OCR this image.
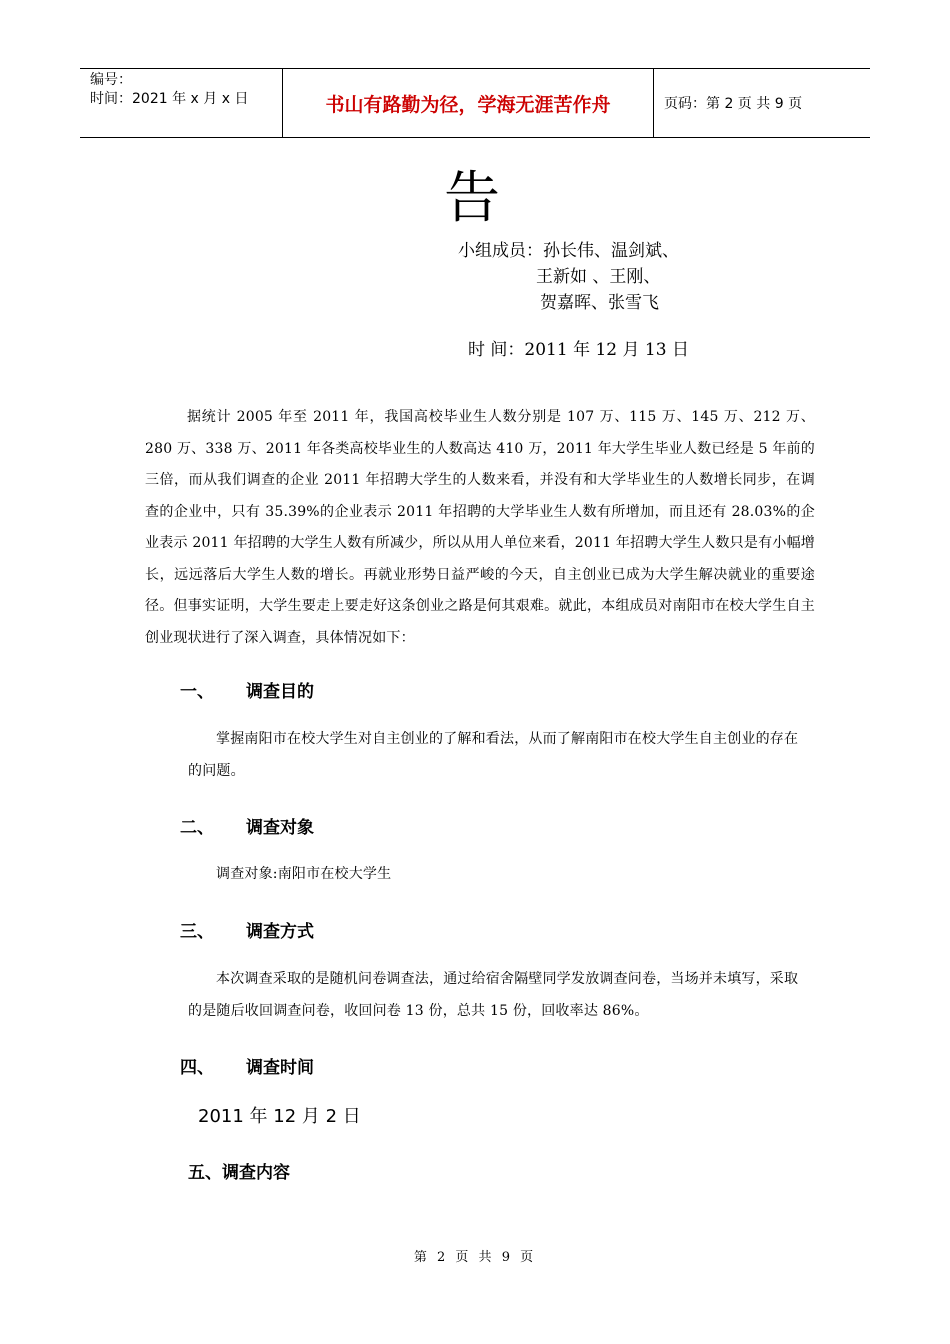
编号：
时间：2021 年 x 月 x 日	书山有路勤为径，学海无涯苦作舟	页码：第 2 页 共 9 页
告
小组成员：孙长伟、温剑斌、
王新如 、王刚、
贺嘉晖、张雪飞
时 间：2011 年 12 月 13 日
据统计 2005 年至 2011 年，我国高校毕业生人数分别是 107 万、115 万、145 万、212 万、280 万、338 万、2011 年各类高校毕业生的人数高达 410 万，2011 年大学生毕业人数已经是 5 年前的三倍，而从我们调查的企业 2011 年招聘大学生的人数来看，并没有和大学毕业生的人数增长同步，在调查的企业中，只有 35.39%的企业表示 2011 年招聘的大学毕业生人数有所增加，而且还有 28.03%的企业表示 2011 年招聘的大学生人数有所减少，所以从用人单位来看，2011 年招聘大学生人数只是有小幅增长，远远落后大学生人数的增长。再就业形势日益严峻的今天，自主创业已成为大学生解决就业的重要途径。但事实证明，大学生要走上要走好这条创业之路是何其艰难。就此，本组成员对南阳市在校大学生自主创业现状进行了深入调查，具体情况如下：
一、 调查目的
掌握南阳市在校大学生对自主创业的了解和看法，从而了解南阳市在校大学生自主创业的存在的问题。
二、 调查对象
调查对象:南阳市在校大学生
三、 调查方式
本次调查采取的是随机问卷调查法，通过给宿舍隔壁同学发放调查问卷，当场并未填写，采取的是随后收回调查问卷，收回问卷 13 份，总共 15 份，回收率达 86%。
四、 调查时间
2011 年 12 月 2 日
五、调查内容
第 2 页 共 9 页
